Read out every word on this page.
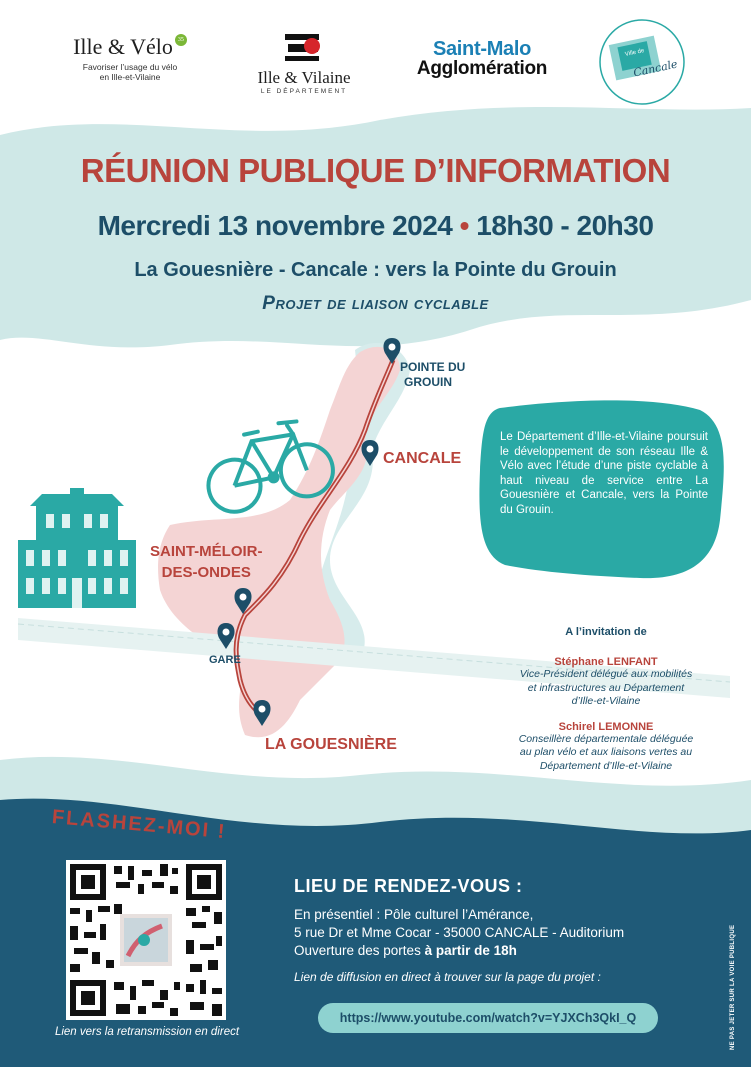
Ille & Vélo 35
Favoriser l’usage du vélo
en Ille-et-Vilaine	Ille & Vilaine
LE DÉPARTEMENT
Saint-Malo
Agglomération
Ville de
Cancale
RÉUNION PUBLIQUE D’INFORMATION
Mercredi 13 novembre 2024 • 18h30 - 20h30
La Gouesnière - Cancale : vers la Pointe du Grouin
Projet de liaison cyclable
POINTE DU
GROUIN
CANCALE
SAINT-MÉLOIR-
DES-ONDES
GARE
LA GOUESNIÈRE
Le Département d’Ille-et-Vilaine poursuit le développement de son réseau Ille & Vélo avec l’étude d’une piste cyclable à haut niveau de service entre La Gouesnière et Cancale, vers la Pointe du Grouin.
A l’invitation de
Stéphane LENFANT
Vice-Président délégué aux mobilités
et infrastructures au Département
d’Ille-et-Vilaine
Schirel LEMONNE
Conseillère départementale déléguée
au plan vélo et aux liaisons vertes au
Département d’Ille-et-Vilaine
FLASHEZ-MOI !
Lien vers la retransmission en direct
LIEU DE RENDEZ-VOUS :
En présentiel : Pôle culturel l’Amérance,
5 rue Dr et Mme Cocar - 35000 CANCALE - Auditorium
Ouverture des portes à partir de 18h
Lien de diffusion en direct à trouver sur la page du projet :
https://www.youtube.com/watch?v=YJXCh3QkI_Q	NE PAS JETER SUR LA VOIE PUBLIQUE
